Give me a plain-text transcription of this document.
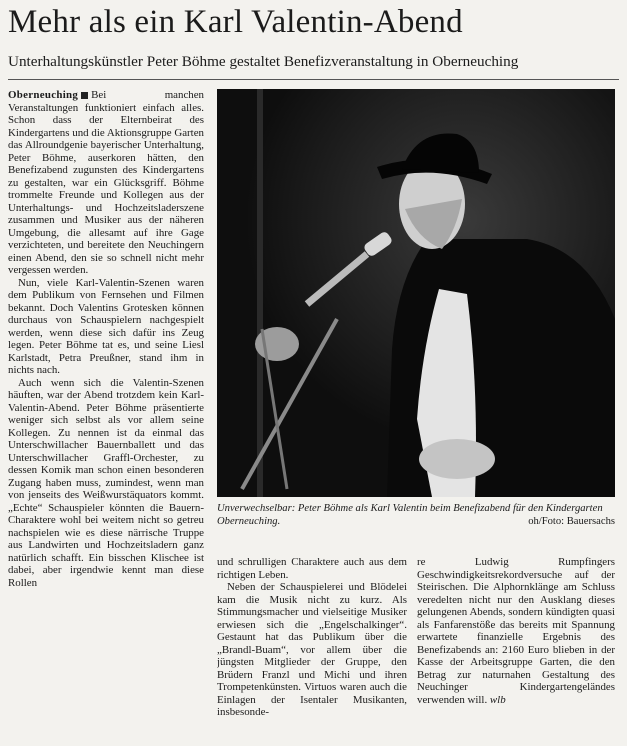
Mehr als ein Karl Valentin-Abend
Unterhaltungskünstler Peter Böhme gestaltet Benefizveranstaltung in Oberneuching

Oberneuching Bei manchen Veranstaltungen funktioniert einfach alles. Schon dass der Elternbeirat des Kindergartens und die Aktionsgruppe Garten das Allroundgenie bayerischer Unterhaltung, Peter Böhme, auserkoren hätten, den Benefizabend zugunsten des Kindergartens zu gestalten, war ein Glücksgriff. Böhme trommelte Freunde und Kollegen aus der Unterhaltungs- und Hochzeitsladerszene zusammen und Musiker aus der näheren Umgebung, die allesamt auf ihre Gage verzichteten, und bereitete den Neuchingern einen Abend, den sie so schnell nicht mehr vergessen werden.

Nun, viele Karl-Valentin-Szenen waren dem Publikum von Fernsehen und Filmen bekannt. Doch Valentins Grotesken können durchaus von Schauspielern nachgespielt werden, wenn diese sich dafür ins Zeug legen. Peter Böhme tat es, und seine Liesl Karlstadt, Petra Preußner, stand ihm in nichts nach.

Auch wenn sich die Valentin-Szenen häuften, war der Abend trotzdem kein Karl-Valentin-Abend. Peter Böhme präsentierte weniger sich selbst als vor allem seine Kollegen. Zu nennen ist da einmal das Unterschwillacher Bauernballett und das Unterschwillacher Graffl-Orchester, zu dessen Komik man schon einen besonderen Zugang haben muss, zumindest, wenn man von jenseits des Weißwurstäquators kommt. „Echte“ Schauspieler könnten die Bauern-Charaktere wohl bei weitem nicht so getreu nachspielen wie es diese närrische Truppe aus Landwirten und Hochzeitsladern ganz natürlich schafft. Ein bisschen Klischee ist dabei, aber irgendwie kennt man diese Rollen

Unverwechselbar: Peter Böhme als Karl Valentin beim Benefizabend für den Kindergarten Oberneuching.	oh/Foto: Bauersachs

und schrulligen Charaktere auch aus dem richtigen Leben.

Neben der Schauspielerei und Blödelei kam die Musik nicht zu kurz. Als Stimmungsmacher und vielseitige Musiker erwiesen sich die „Engelschalkinger“. Gestaunt hat das Publikum über die „Brandl-Buam“, vor allem über die jüngsten Mitglieder der Gruppe, den Brüdern Franzl und Michi und ihren Trompetenkünsten. Virtuos waren auch die Einlagen der Isentaler Musikanten, insbesonde-

re Ludwig Rumpfingers Geschwindigkeitsrekordversuche auf der Steirischen. Die Alphornklänge am Schluss veredelten nicht nur den Ausklang dieses gelungenen Abends, sondern kündigten quasi als Fanfarenstöße das bereits mit Spannung erwartete finanzielle Ergebnis des Benefizabends an: 2160 Euro blieben in der Kasse der Arbeitsgruppe Garten, die den Betrag zur naturnahen Gestaltung des Neuchinger Kindergartengeländes verwenden will. wlb
